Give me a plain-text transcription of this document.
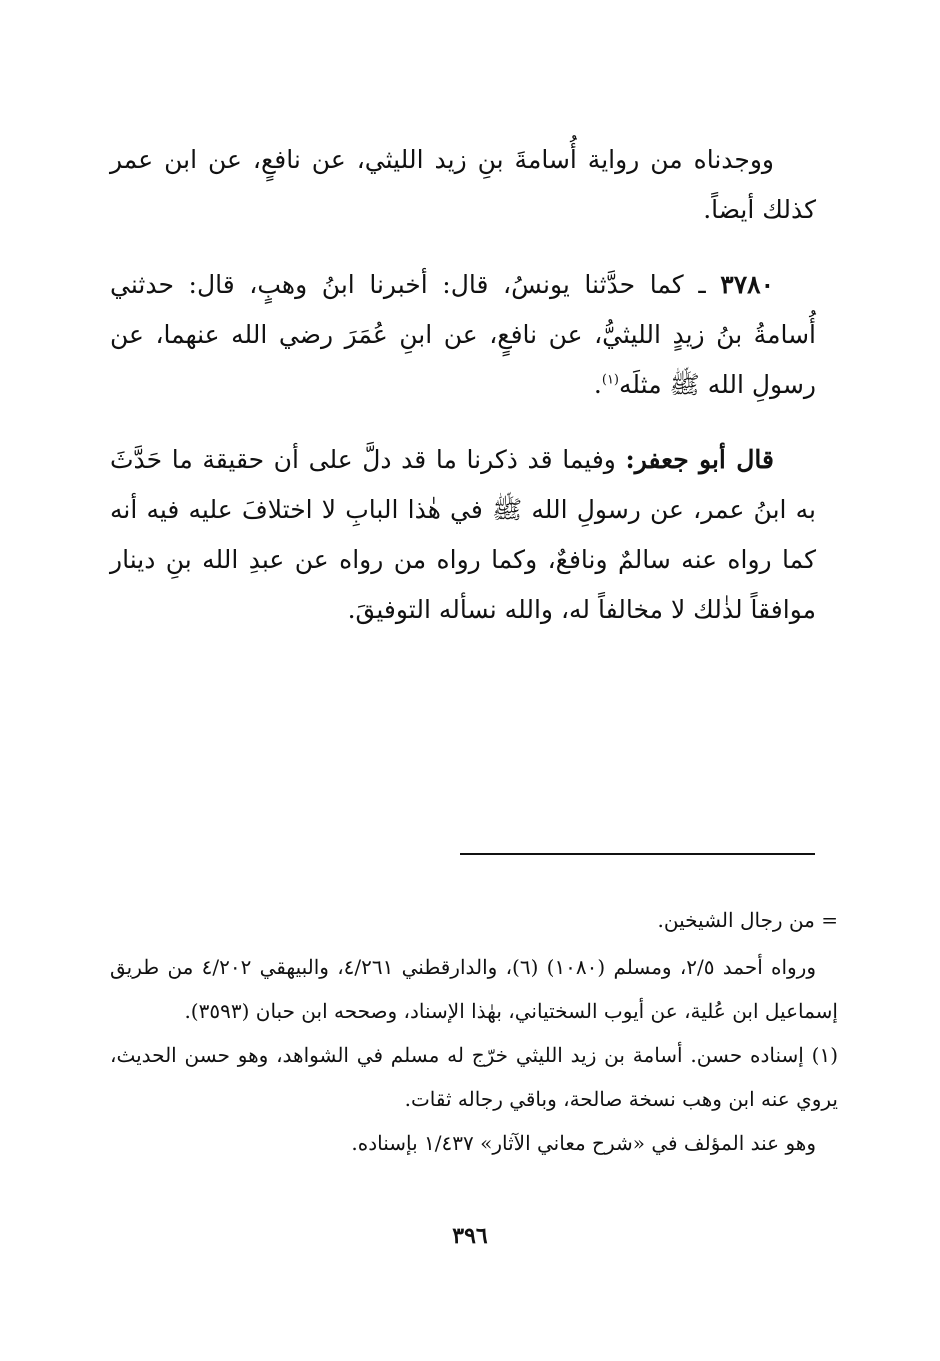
ووجدناه من رواية أُسامةَ بنِ زيد الليثي، عن نافعٍ، عن ابن عمر كذلك أيضاً.

٣٧٨٠ ـ كما حدَّثنا يونسُ، قال: أخبرنا ابنُ وهبٍ، قال: حدثني أُسامةُ بنُ زيدٍ الليثيُّ، عن نافعٍ، عن ابنِ عُمَرَ رضي الله عنهما، عن رسولِ الله ﷺ مثلَه$^{(١)}$.

قال أبو جعفر: وفيما قد ذكرنا ما قد دلَّ على أن حقيقة ما حَدَّثَ به ابنُ عمر، عن رسولِ الله ﷺ في هٰذا البابِ لا اختلافَ عليه فيه أنه كما رواه عنه سالمٌ ونافعٌ، وكما رواه من رواه عن عبدِ الله بنِ دينار موافقاً لذٰلك لا مخالفاً له، والله نسأله التوفيقَ.

= من رجال الشيخين.

ورواه أحمد ٢/٥، ومسلم (١٠٨٠) (٦)، والدارقطني ٤/٢٦١، والبيهقي ٤/٢٠٢ من طريق إسماعيل ابن عُلية، عن أيوب السختياني، بهٰذا الإسناد، وصححه ابن حبان (٣٥٩٣).

(١) إسناده حسن. أسامة بن زيد الليثي خرّج له مسلم في الشواهد، وهو حسن الحديث، يروي عنه ابن وهب نسخة صالحة، وباقي رجاله ثقات.

وهو عند المؤلف في «شرح معاني الآثار» ١/٤٣٧ بإسناده.

٣٩٦
